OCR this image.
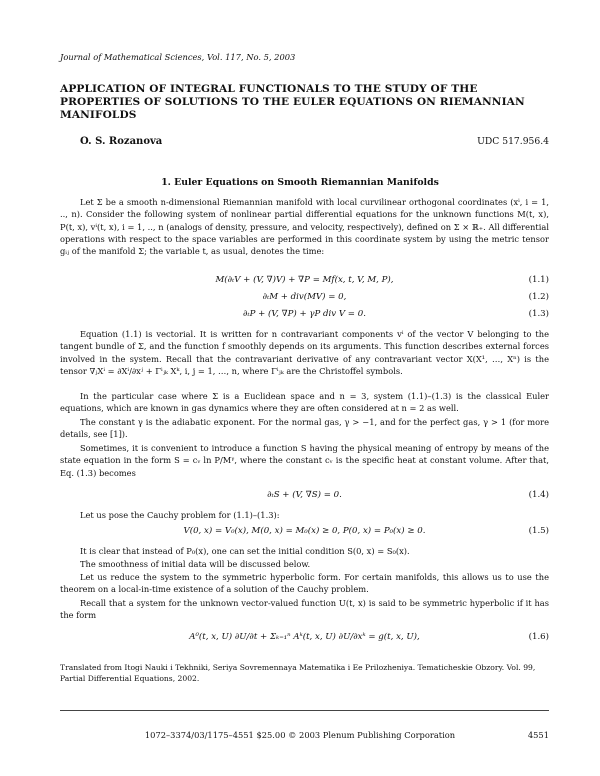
Journal of Mathematical Sciences, Vol. 117, No. 5, 2003
APPLICATION OF INTEGRAL FUNCTIONALS TO THE STUDY OF THE PROPERTIES OF SOLUTIONS TO THE EULER EQUATIONS ON RIEMANNIAN MANIFOLDS
O. S. Rozanova	UDC 517.956.4
1. Euler Equations on Smooth Riemannian Manifolds
Let Σ be a smooth n-dimensional Riemannian manifold with local curvilinear orthogonal coordinates (xⁱ, i = 1, .., n). Consider the following system of nonlinear partial differential equations for the unknown functions M(t, x), P(t, x), vⁱ(t, x), i = 1, .., n (analogs of density, pressure, and velocity, respectively), defined on Σ × ℝ₊. All differential operations with respect to the space variables are performed in this coordinate system by using the metric tensor gᵢⱼ of the manifold Σ; the variable t, as usual, denotes the time:
M(∂ₜV + (V, ∇)V) + ∇P = Mf(x, t, V, M, P),	(1.1)
∂ₜM + div(MV) = 0,	(1.2)
∂ₜP + (V, ∇P) + γP div V = 0.	(1.3)
Equation (1.1) is vectorial. It is written for n contravariant components vⁱ of the vector V belonging to the tangent bundle of Σ, and the function f smoothly depends on its arguments. This function describes external forces involved in the system. Recall that the contravariant derivative of any contravariant vector X(X¹, …, Xⁿ) is the tensor ∇ⱼXⁱ = ∂Xⁱ/∂xʲ + Γⁱⱼₖ Xᵏ, i, j = 1, …, n, where Γⁱⱼₖ are the Christoffel symbols.
In the particular case where Σ is a Euclidean space and n = 3, system (1.1)–(1.3) is the classical Euler equations, which are known in gas dynamics where they are often considered at n = 2 as well.
The constant γ is the adiabatic exponent. For the normal gas, γ > −1, and for the perfect gas, γ > 1 (for more details, see [1]).
Sometimes, it is convenient to introduce a function S having the physical meaning of entropy by means of the state equation in the form S = cᵥ ln P/Mᵞ, where the constant cᵥ is the specific heat at constant volume. After that, Eq. (1.3) becomes
∂ₜS + (V, ∇S) = 0.	(1.4)
Let us pose the Cauchy problem for (1.1)–(1.3):
V(0, x) = V₀(x), M(0, x) = M₀(x) ≥ 0, P(0, x) = P₀(x) ≥ 0.	(1.5)
It is clear that instead of P₀(x), one can set the initial condition S(0, x) = S₀(x).
The smoothness of initial data will be discussed below.
Let us reduce the system to the symmetric hyperbolic form. For certain manifolds, this allows us to use the theorem on a local-in-time existence of a solution of the Cauchy problem.
Recall that a system for the unknown vector-valued function U(t, x) is said to be symmetric hyperbolic if it has the form
A⁰(t, x, U) ∂U/∂t + Σₖ₌₁ⁿ Aᵏ(t, x, U) ∂U/∂xᵏ = g(t, x, U),	(1.6)
Translated from Itogi Nauki i Tekhniki, Seriya Sovremennaya Matematika i Ee Prilozheniya. Tematicheskie Obzory. Vol. 99, Partial Differential Equations, 2002.
1072–3374/03/1175–4551 $25.00 © 2003 Plenum Publishing Corporation	4551
